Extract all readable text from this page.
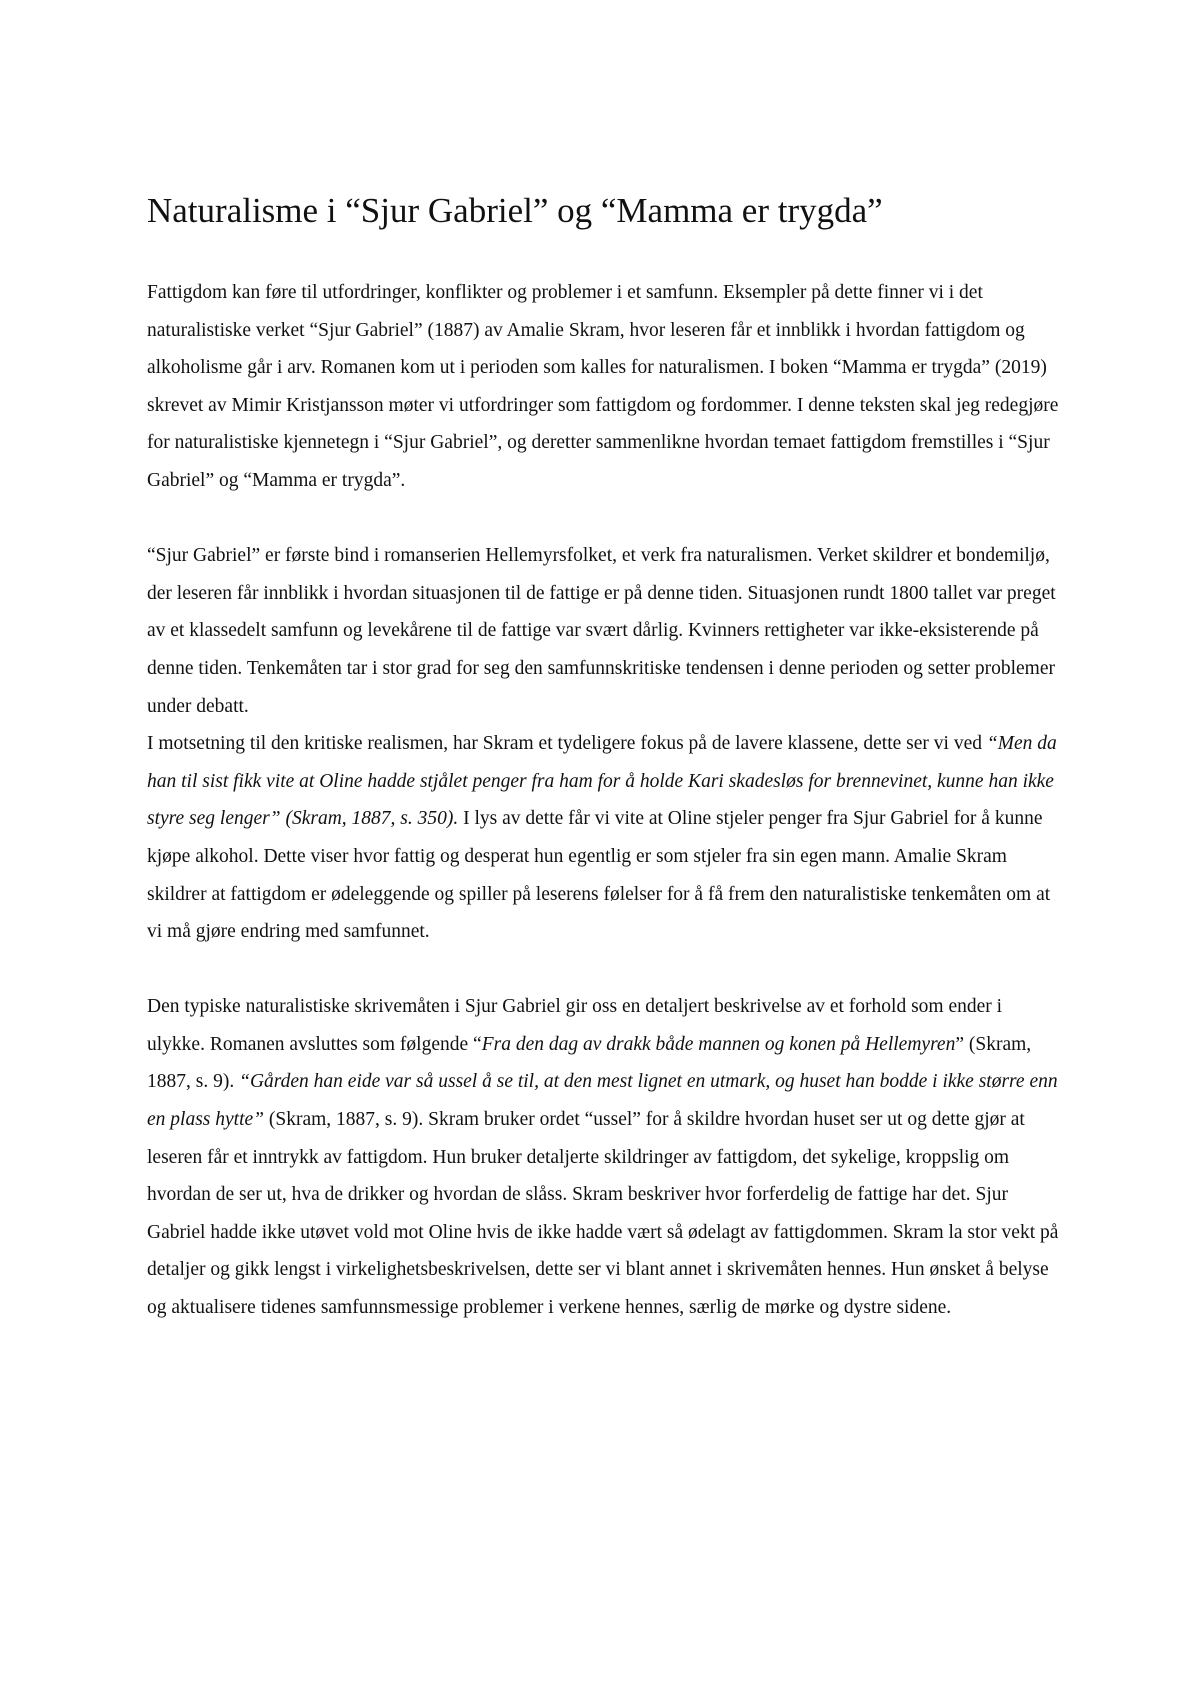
Naturalisme i “Sjur Gabriel” og “Mamma er trygda”

Fattigdom kan føre til utfordringer, konflikter og problemer i et samfunn. Eksempler på dette finner vi i det naturalistiske verket “Sjur Gabriel” (1887) av Amalie Skram, hvor leseren får et innblikk i hvordan fattigdom og alkoholisme går i arv. Romanen kom ut i perioden som kalles for naturalismen. I boken “Mamma er trygda” (2019) skrevet av Mimir Kristjansson møter vi utfordringer som fattigdom og fordommer. I denne teksten skal jeg redegjøre for naturalistiske kjennetegn i “Sjur Gabriel”, og deretter sammenlikne hvordan temaet fattigdom fremstilles i “Sjur Gabriel” og “Mamma er trygda”.

“Sjur Gabriel” er første bind i romanserien Hellemyrsfolket, et verk fra naturalismen. Verket skildrer et bondemiljø, der leseren får innblikk i hvordan situasjonen til de fattige er på denne tiden. Situasjonen rundt 1800 tallet var preget av et klassedelt samfunn og levekårene til de fattige var svært dårlig. Kvinners rettigheter var ikke-eksisterende på denne tiden. Tenkemåten tar i stor grad for seg den samfunnskritiske tendensen i denne perioden og setter problemer under debatt.

I motsetning til den kritiske realismen, har Skram et tydeligere fokus på de lavere klassene, dette ser vi ved “Men da han til sist fikk vite at Oline hadde stjålet penger fra ham for å holde Kari skadesløs for brennevinet, kunne han ikke styre seg lenger” (Skram, 1887, s. 350). I lys av dette får vi vite at Oline stjeler penger fra Sjur Gabriel for å kunne kjøpe alkohol. Dette viser hvor fattig og desperat hun egentlig er som stjeler fra sin egen mann. Amalie Skram skildrer at fattigdom er ødeleggende og spiller på leserens følelser for å få frem den naturalistiske tenkemåten om at vi må gjøre endring med samfunnet.

Den typiske naturalistiske skrivemåten i Sjur Gabriel gir oss en detaljert beskrivelse av et forhold som ender i ulykke. Romanen avsluttes som følgende “Fra den dag av drakk både mannen og konen på Hellemyren” (Skram, 1887, s. 9). “Gården han eide var så ussel å se til, at den mest lignet en utmark, og huset han bodde i ikke større enn en plass hytte” (Skram, 1887, s. 9). Skram bruker ordet “ussel” for å skildre hvordan huset ser ut og dette gjør at leseren får et inntrykk av fattigdom. Hun bruker detaljerte skildringer av fattigdom, det sykelige, kroppslig om hvordan de ser ut, hva de drikker og hvordan de slåss. Skram beskriver hvor forferdelig de fattige har det. Sjur Gabriel hadde ikke utøvet vold mot Oline hvis de ikke hadde vært så ødelagt av fattigdommen. Skram la stor vekt på detaljer og gikk lengst i virkelighetsbeskrivelsen, dette ser vi blant annet i skrivemåten hennes. Hun ønsket å belyse og aktualisere tidenes samfunnsmessige problemer i verkene hennes, særlig de mørke og dystre sidene.
